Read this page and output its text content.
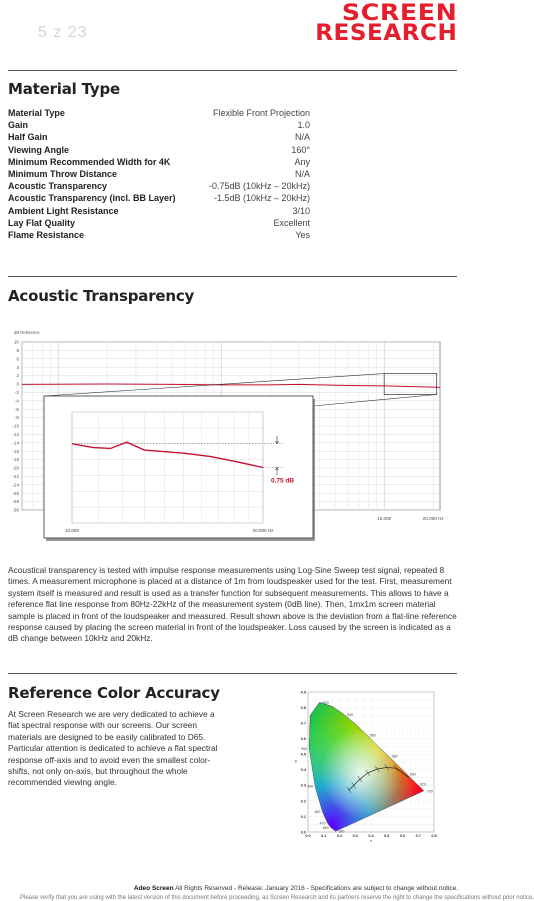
5 z 23
SCREEN
RESEARCH
Material Type
Material Type	Flexible Front Projection
Gain	1.0
Half Gain	N/A
Viewing Angle	160°
Minimum Recommended Width for 4K	Any
Minimum Throw Distance	N/A
Acoustic Transparency	-0.75dB (10kHz – 20kHz)
Acoustic Transparency (incl. BB Layer)	-1.5dB (10kHz – 20kHz)
Ambient Light Resistance	3/10
Lay Flat Quality	Excellent
Flame Resistance	Yes
Acoustic Transparency
10
8
6
4
2
0
-2
-4
-6
-8
-10
-12
-14
-16
-18
-20
-22
-24
-26
-28
-30
dB Reference
10.000	20.000 Hz
0.75 dB
10.000	20.000 Hz
Acoustical transparency is tested with impulse response measurements using Log-Sine Sweep test signal, repeated 8 times. A measurement microphone is placed at a distance of 1m from loudspeaker used for the test. First, measurement system itself is measured and result is used as a transfer function for subsequent measurements. This allows to have a reference flat line response from 80Hz-22kHz of the measurement system (0dB line). Then, 1mx1m screen material sample is placed in front of the loudspeaker and measured. Result shown above is the deviation from a flat-line reference response caused by placing the screen material in front of the loudspeaker. Loss caused by the screen is indicated as a dB change between 10kHz and 20kHz.
Reference Color Accuracy
At Screen Research we are very dedicated to achieve a flat spectral response with our screens. Our screen materials are designed to be easily calibrated to D65. Particular attention is dedicated to achieve a flat spectral response off-axis and to avoid even the smallest color-shifts, not only on-axis, but throughout the whole recommended viewing angle.
520
540
560
580
600
620
700
500
490
480
470
460
380
0.0	0.1	0.2	0.3	0.4	0.5	0.6	0.7	0.8
0.0
0.1
0.2
0.3
0.4
0.5
0.6
0.7
0.8
0.9
x
y
Adeo Screen All Rights Reserved - Release: January 2016 - Specifications are subject to change without notice.
Please verify that you are using with the latest version of this document before proceeding, as Screen Research and its partners reserve the right to change the specifications without prior notice.
